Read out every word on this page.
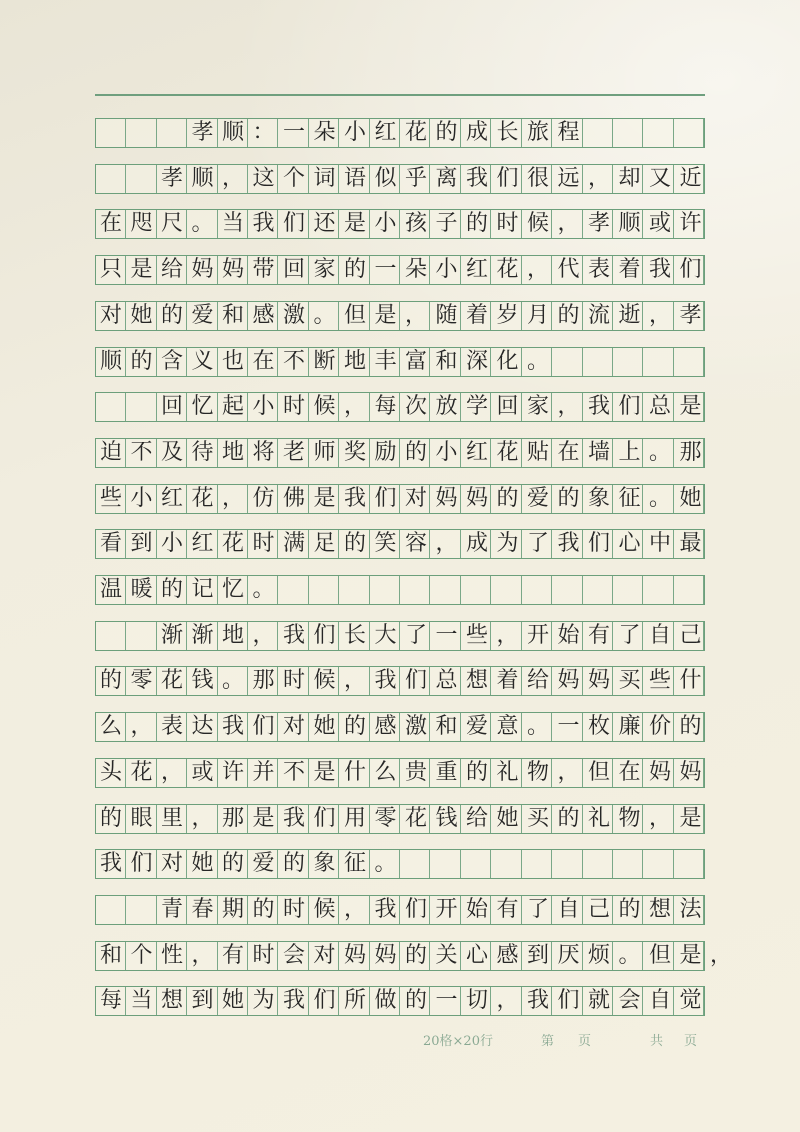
　　　孝顺：一朵小红花的成长旅程　　　　
　　孝顺，这个词语似乎离我们很远，却又近
在咫尺。当我们还是小孩子的时候，孝顺或许
只是给妈妈带回家的一朵小红花，代表着我们
对她的爱和感激。但是，随着岁月的流逝，孝
顺的含义也在不断地丰富和深化。　　　　　
　　回忆起小时候，每次放学回家，我们总是
迫不及待地将老师奖励的小红花贴在墙上。那
些小红花，仿佛是我们对妈妈的爱的象征。她
看到小红花时满足的笑容，成为了我们心中最
温暖的记忆。　　　　　　　　　　　　　　
　　渐渐地，我们长大了一些，开始有了自己
的零花钱。那时候，我们总想着给妈妈买些什
么，表达我们对她的感激和爱意。一枚廉价的
头花，或许并不是什么贵重的礼物，但在妈妈
的眼里，那是我们用零花钱给她买的礼物，是
我们对她的爱的象征。　　　　　　　　　　
　　青春期的时候，我们开始有了自己的想法
和个性，有时会对妈妈的关心感到厌烦。但是，
每当想到她为我们所做的一切，我们就会自觉
20格×20行	第 页	共 页
